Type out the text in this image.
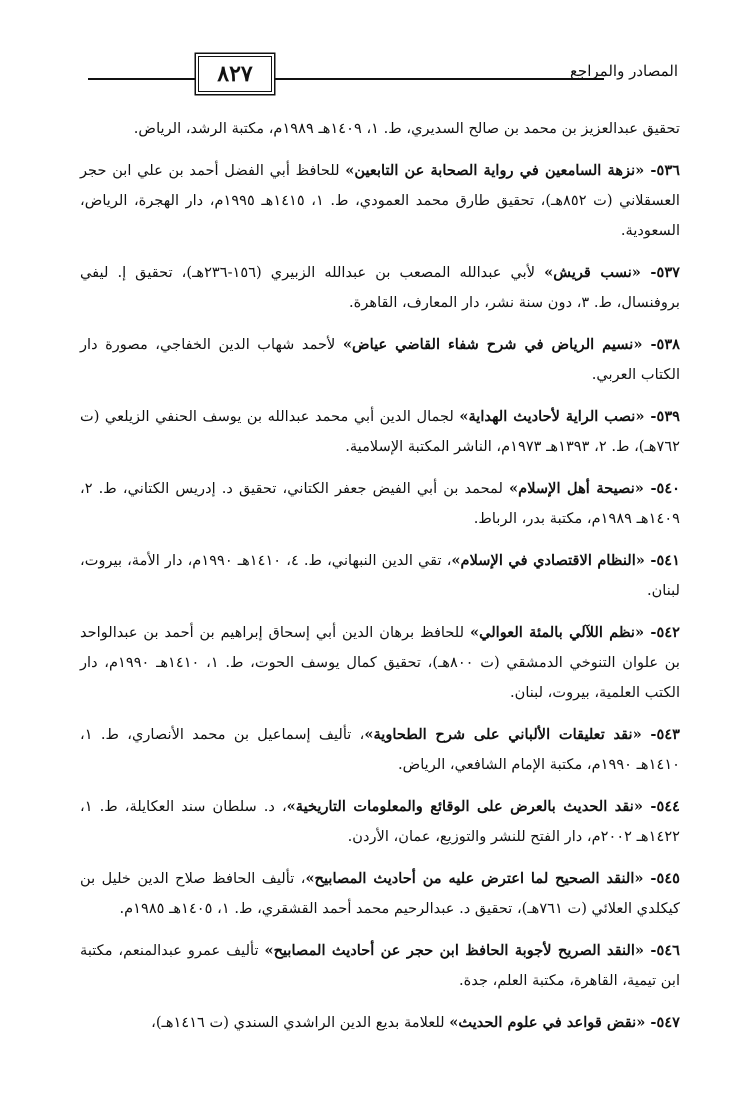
٨٢٧	المصادر والمراجع

تحقيق عبدالعزيز بن محمد بن صالح السديري، ط. ١، ١٤٠٩هـ ١٩٨٩م، مكتبة الرشد، الرياض.

٥٣٦- «نزهة السامعين في رواية الصحابة عن التابعين» للحافظ أبي الفضل أحمد بن علي ابن حجر العسقلاني (ت ٨٥٢هـ)، تحقيق طارق محمد العمودي، ط. ١، ١٤١٥هـ ١٩٩٥م، دار الهجرة، الرياض، السعودية.

٥٣٧- «نسب قريش» لأبي عبدالله المصعب بن عبدالله الزبيري (١٥٦-٢٣٦هـ)، تحقيق إ. ليفي بروفنسال، ط. ٣، دون سنة نشر، دار المعارف، القاهرة.

٥٣٨- «نسيم الرياض في شرح شفاء القاضي عياض» لأحمد شهاب الدين الخفاجي، مصورة دار الكتاب العربي.

٥٣٩- «نصب الراية لأحاديث الهداية» لجمال الدين أبي محمد عبدالله بن يوسف الحنفي الزيلعي (ت ٧٦٢هـ)، ط. ٢، ١٣٩٣هـ ١٩٧٣م، الناشر المكتبة الإسلامية.

٥٤٠- «نصيحة أهل الإسلام» لمحمد بن أبي الفيض جعفر الكتاني، تحقيق د. إدريس الكتاني، ط. ٢، ١٤٠٩هـ ١٩٨٩م، مكتبة بدر، الرباط.

٥٤١- «النظام الاقتصادي في الإسلام»، تقي الدين النبهاني، ط. ٤، ١٤١٠هـ ١٩٩٠م، دار الأمة، بيروت، لبنان.

٥٤٢- «نظم اللآلي بالمئة العوالي» للحافظ برهان الدين أبي إسحاق إبراهيم بن أحمد بن عبدالواحد بن علوان التنوخي الدمشقي (ت ٨٠٠هـ)، تحقيق كمال يوسف الحوت، ط. ١، ١٤١٠هـ ١٩٩٠م، دار الكتب العلمية، بيروت، لبنان.

٥٤٣- «نقد تعليقات الألباني على شرح الطحاوية»، تأليف إسماعيل بن محمد الأنصاري، ط. ١، ١٤١٠هـ ١٩٩٠م، مكتبة الإمام الشافعي، الرياض.

٥٤٤- «نقد الحديث بالعرض على الوقائع والمعلومات التاريخية»، د. سلطان سند العكايلة، ط. ١، ١٤٢٢هـ ٢٠٠٢م، دار الفتح للنشر والتوزيع، عمان، الأردن.

٥٤٥- «النقد الصحيح لما اعترض عليه من أحاديث المصابيح»، تأليف الحافظ صلاح الدين خليل بن كيكلدي العلائي (ت ٧٦١هـ)، تحقيق د. عبدالرحيم محمد أحمد القشقري، ط. ١، ١٤٠٥هـ ١٩٨٥م.

٥٤٦- «النقد الصريح لأجوبة الحافظ ابن حجر عن أحاديث المصابيح» تأليف عمرو عبدالمنعم، مكتبة ابن تيمية، القاهرة، مكتبة العلم، جدة.

٥٤٧- «نقض قواعد في علوم الحديث» للعلامة بديع الدين الراشدي السندي (ت ١٤١٦هـ)،
